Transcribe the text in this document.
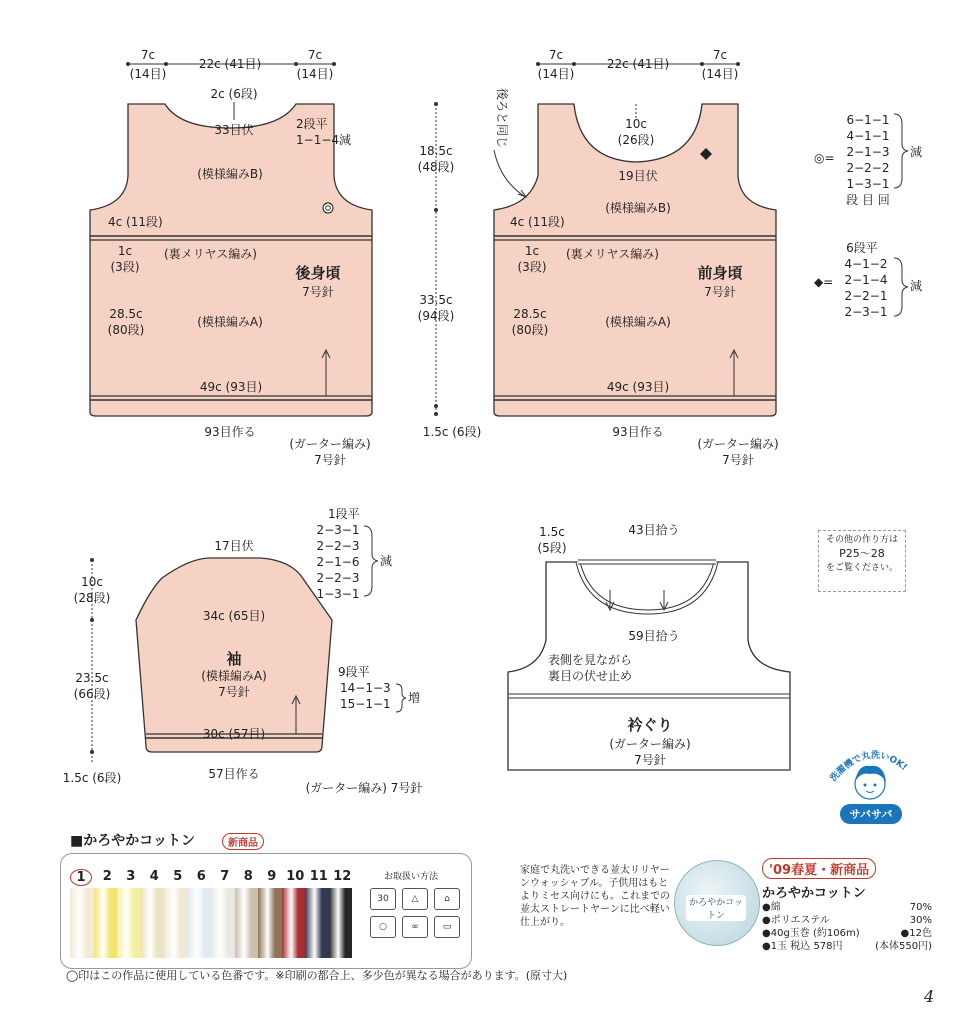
7c
(14目)
22c (41目)
7c
(14目)
2c (6段)
33目伏	2段平
1−1−4減
(模様編みB)
4c (11段)
(裏メリヤス編み)
1c
(3段)	後身頃
7号針
28.5c
(80段)
(模様編みA)
49c (93目)
93目作る
(ガーター編み)
7号針
18.5c
(48段)
33.5c
(94段)
1.5c (6段)
7c
(14目)
22c (41目)
7c
(14目)
後ろと同じ	10c
(26段)
19目伏
(模様編みB)
4c (11段)
(裏メリヤス編み)
1c
(3段)	前身頃
7号針
28.5c
(80段)
(模様編みA)
49c (93目)
93目作る
(ガーター編み)
7号針
◎=
6−1−1
4−1−1
2−1−3
2−2−2
1−3−1
段 目 回
減
◆=
6段平
4−1−2
2−1−4
2−2−1
2−3−1
減
17目伏
1段平
2−3−1
2−2−3
2−1−6
2−2−3
1−3−1
減
10c
(28段)
34c (65目)
袖
(模様編みA)
7号針
23.5c
(66段)
9段平
14−1−3
15−1−1 増
30c (57目)
1.5c (6段)	57目作る
(ガーター編み) 7号針
1.5c
(5段)
43目拾う
59目拾う
表側を見ながら
裏目の伏せ止め
衿ぐり
(ガーター編み)
7号針
その他の作り方は
P25〜28
をご覧ください。
洗濯機で丸洗いOK!
サバサバ
■かろやかコットン	新商品
1	2	3	4	5	6	7	8	9 10 11 12	お取扱い方法
30	△	⌂
○	∞	▭
◯印はこの作品に使用している色番です。※印刷の都合上、多少色が異なる場合があります。(原寸大)
家庭で丸洗いできる並太リリヤーンウォッシャブル。子供用はもとよりミセス向けにも。これまでの並太ストレートヤーンに比べ軽い仕上がり。
かろやかコットン
'09春夏・新商品
かろやかコットン
●綿	70%
●ポリエステル	30%
●40g玉巻 (約106m)	●12色
●1玉 税込 578円	(本体550円)
4
